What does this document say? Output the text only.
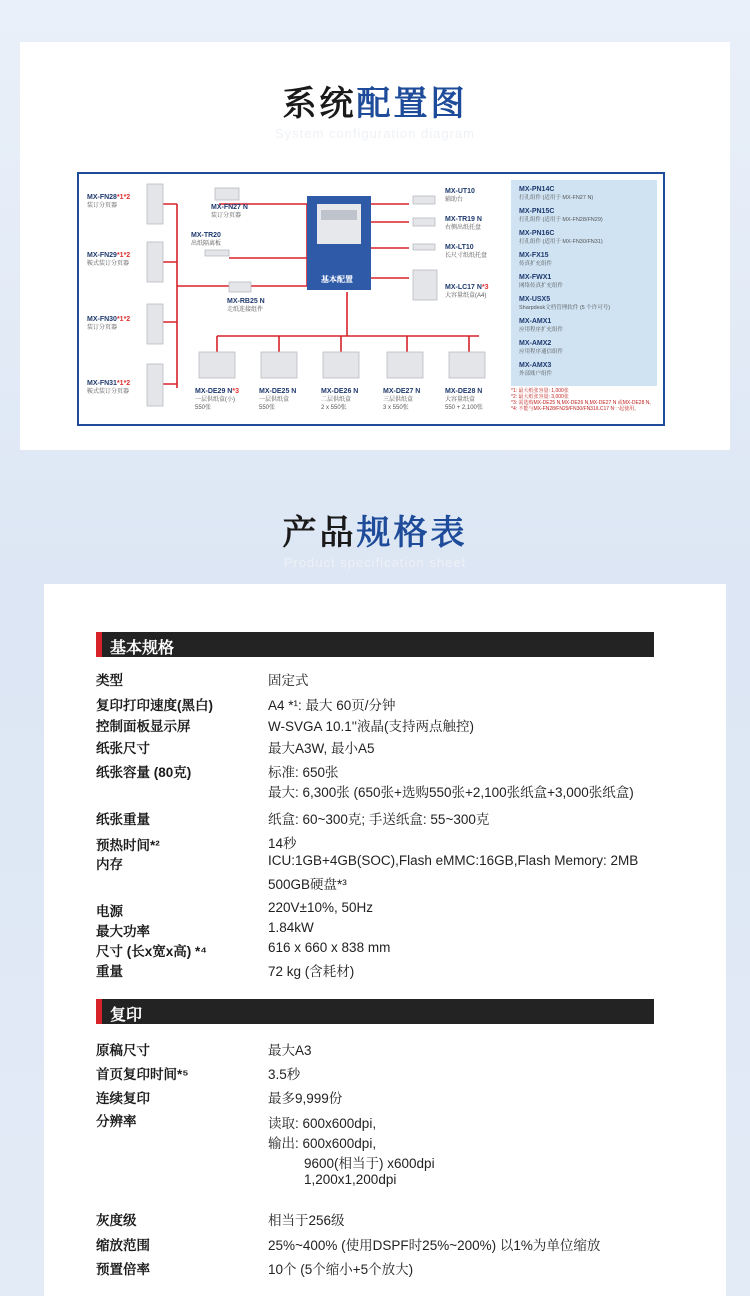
系统配置图
System configuration diagram
基本配置
MX-FN28*1*2
装订分页器
MX-FN29*1*2
鞍式装订分页器
MX-FN30*1*2
装订分页器
MX-FN31*1*2
鞍式装订分页器
MX-FN27 N
装订分页器
MX-TR20
出纸隔离板
MX-RB25 N
走纸连接组件
MX-UT10
辅助台
MX-TR19 N
右侧出纸托盘
MX-LT10
长尺寸纸纸托盘
MX-LC17 N*3
大容量纸盒(A4)
MX-DE29 N*3
一层供纸盒(小)
550张
MX-DE25 N
一层供纸盒
550张
MX-DE26 N
二层供纸盒
2 x 550张
MX-DE27 N
三层供纸盒
3 x 550张
MX-DE28 N
大容量纸盒
550 + 2,100张
MX-PN14C
打孔组件 (适用于 MX-FN27 N)
MX-PN15C
打孔组件 (适用于 MX-FN28/FN29)
MX-PN16C
打孔组件 (适用于 MX-FN30/FN31)
MX-FX15
传真扩充组件
MX-FWX1
网络传真扩充组件
MX-USX5
Sharpdesk文档管理软件 (5 个许可号)
MX-AMX1
应用程序扩充组件
MX-AMX2
应用程序通信组件
MX-AMX3
外部账户组件
*1: 最大纸张容量: 1,000张
*2: 最大纸张容量: 3,000张
*3: 需选购MX-DE25 N,MX-DE26 N,MX-DE27 N 或MX-DE28 N。
*4: 不能与MX-FN28/FN29/FN30/FN31/LC17 N一起使用。
产品规格表
Product specification sheet
基本规格
类型	固定式
复印打印速度(黑白)	A4 *¹: 最大 60页/分钟
控制面板显示屏	W-SVGA 10.1''液晶(支持两点触控)
纸张尺寸	最大A3W, 最小A5
纸张容量 (80克)	标准: 650张
最大: 6,300张 (650张+选购550张+2,100张纸盒+3,000张纸盒)
纸张重量	纸盒: 60~300克; 手送纸盒: 55~300克
预热时间*²	14秒
内存	ICU:1GB+4GB(SOC),Flash eMMC:16GB,Flash Memory: 2MB
500GB硬盘*³
电源	220V±10%, 50Hz
最大功率	1.84kW
尺寸 (长x宽x高) *⁴	616 x 660 x 838 mm
重量	72 kg (含耗材)
复印
原稿尺寸	最大A3
首页复印时间*⁵	3.5秒
连续复印	最多9,999份
分辨率	读取: 600x600dpi,
输出: 600x600dpi,
9600(相当于) x600dpi
1,200x1,200dpi
灰度级	相当于256级
缩放范围	25%~400% (使用DSPF时25%~200%) 以1%为单位缩放
预置倍率	10个 (5个缩小+5个放大)
